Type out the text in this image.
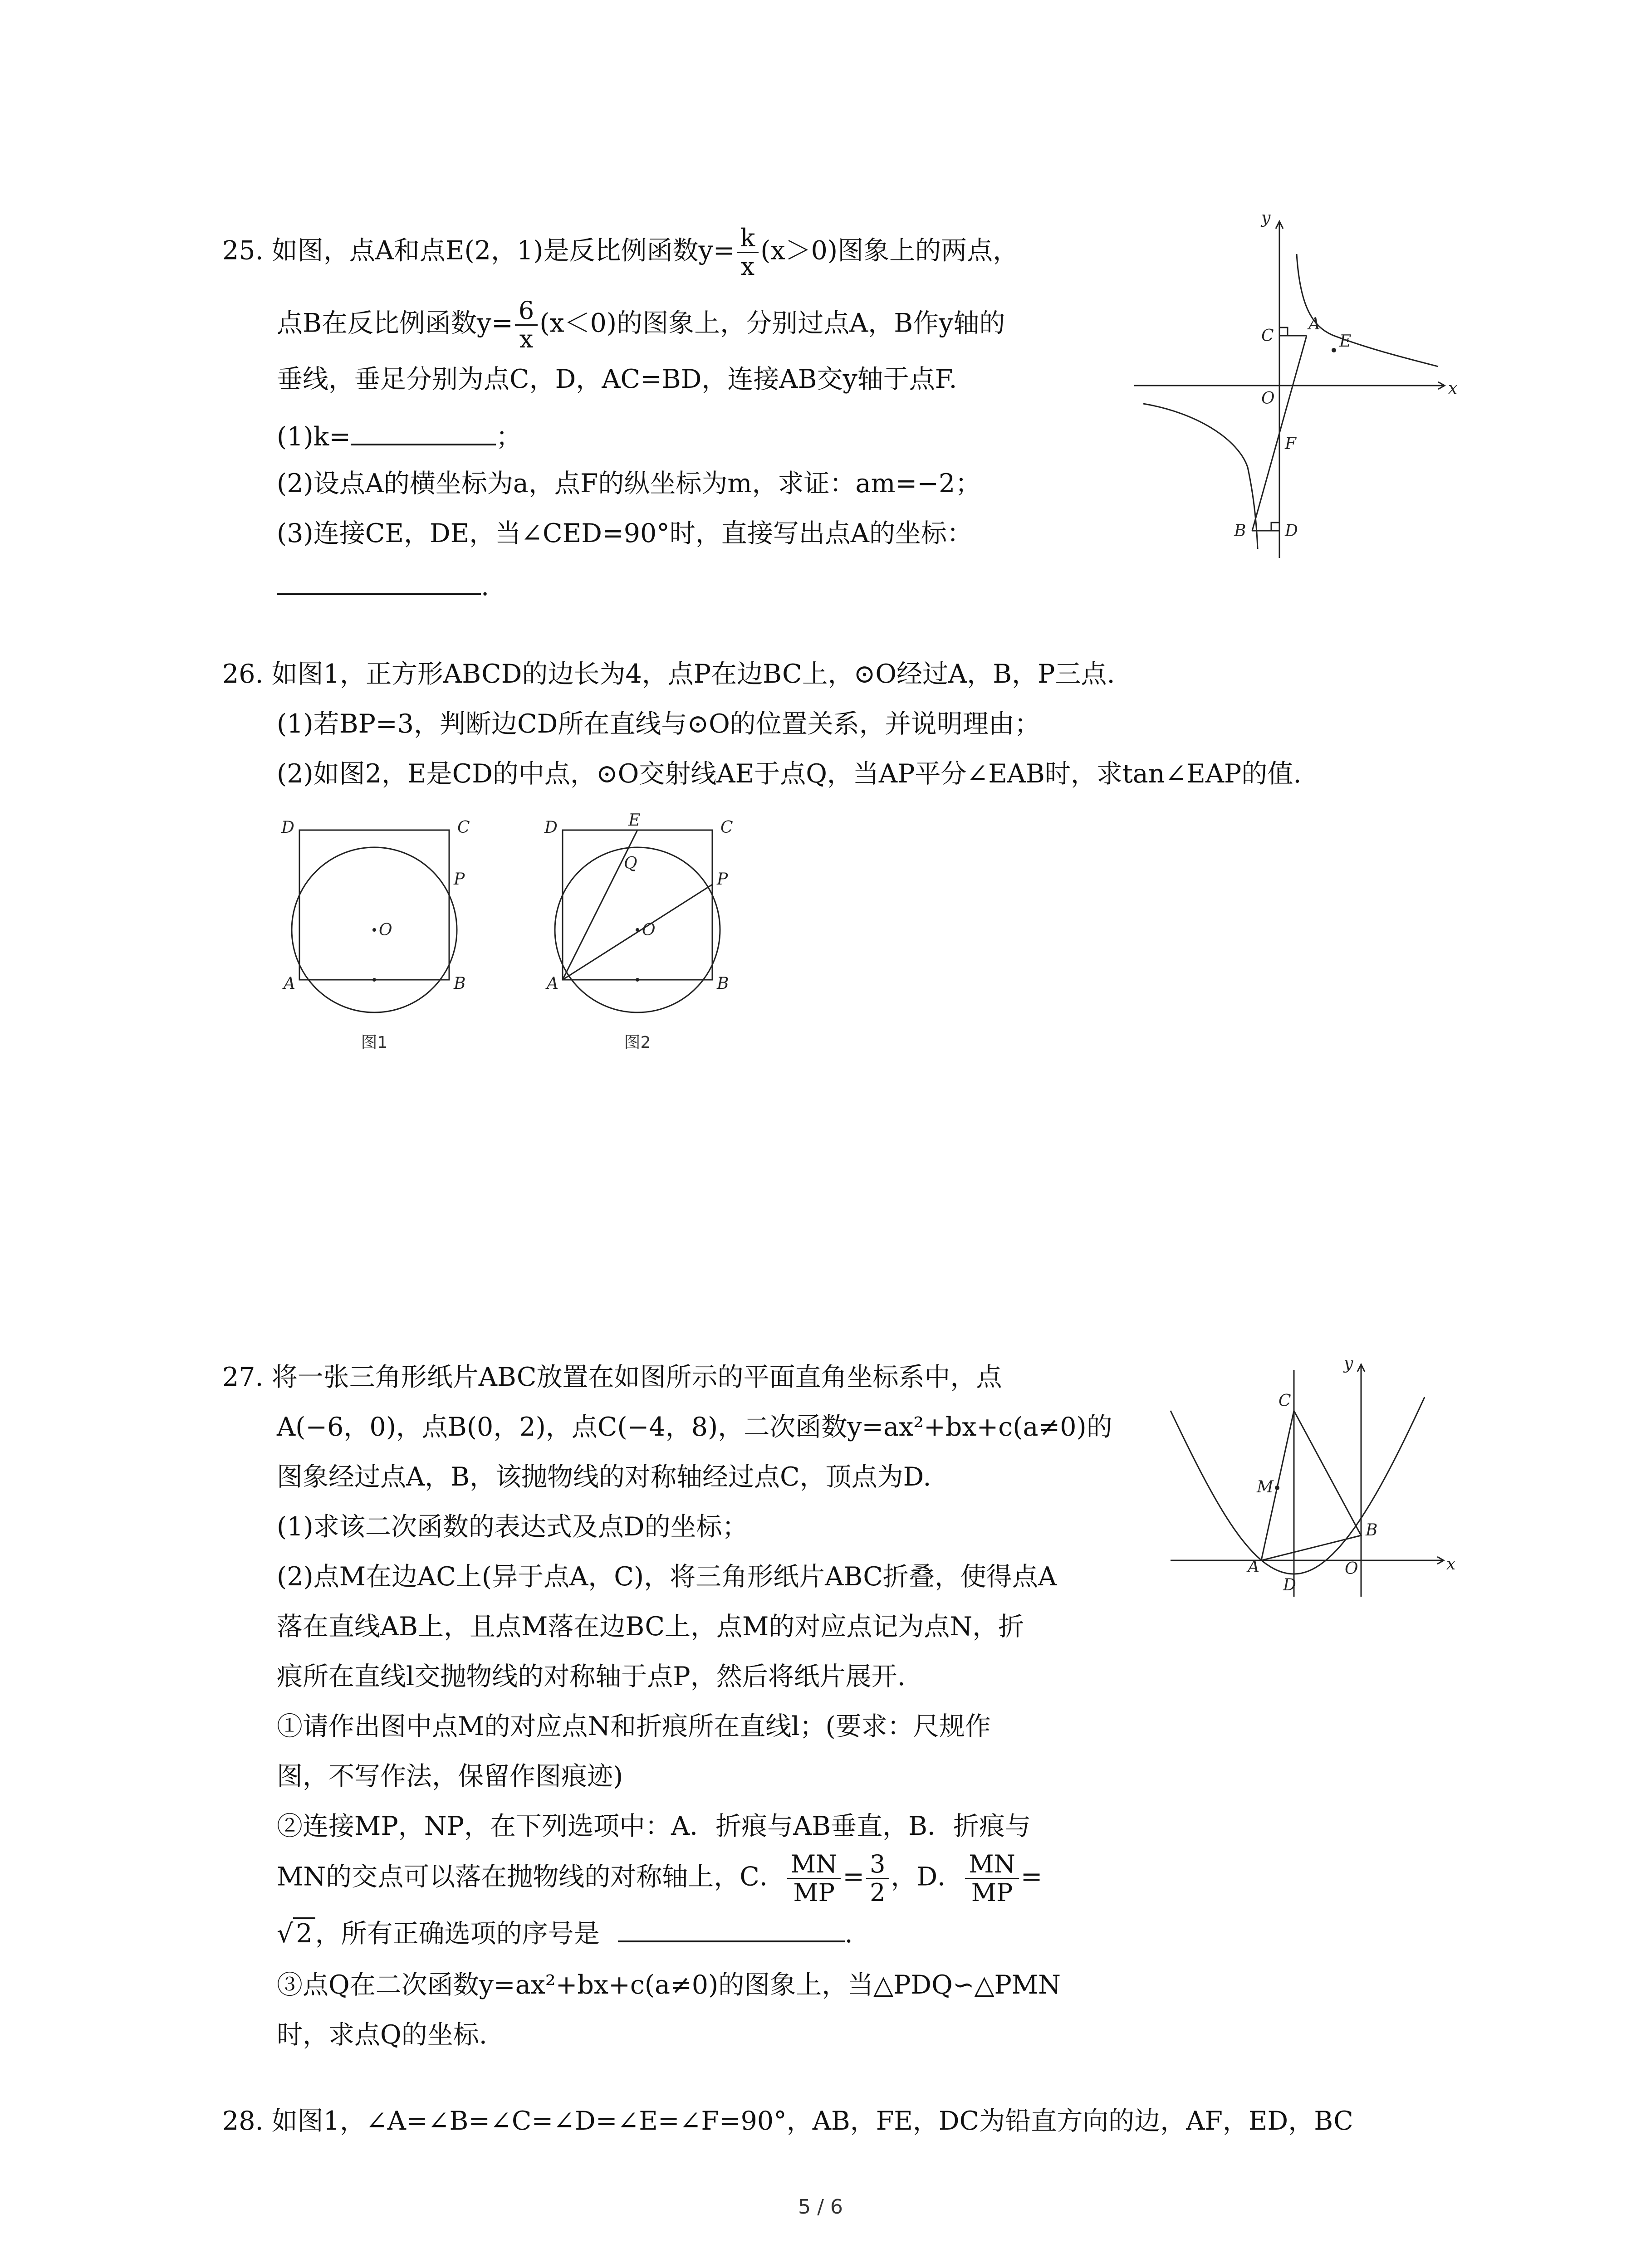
25. 如图，点A和点E(2，1)是反比例函数$y= \frac{k}{x} (x>0)$图象上的两点，
点B在反比例函数$y= \frac{6}{x} (x<0)$的图象上，分别过点A，B作y轴的
垂线，垂足分别为点C，D，AC=BD，连接AB交y轴于点F.
(1)k=	；
(2)设点A的横坐标为a，点F的纵坐标为m，求证：am=−2；
(3)连接CE，DE，当∠CED=90°时，直接写出点A的坐标：
.
y
x
O
C
A
E
F
B D
26. 如图1，正方形ABCD的边长为4，点P在边BC上，⊙O经过A，B，P三点.
(1)若BP=3，判断边CD所在直线与⊙O的位置关系，并说明理由；
(2)如图2，E是CD的中点，⊙O交射线AE于点Q，当AP平分∠EAB时，求tan∠EAP的值.
D	C
P
O
A	B
图1
D	E	C
Q
P
O
A	B
图2
27. 将一张三角形纸片ABC放置在如图所示的平面直角坐标系中，点
A(−6，0)，点B(0，2)，点C(−4，8)，二次函数y=ax²+bx+c(a≠0)的
图象经过点A，B，该抛物线的对称轴经过点C，顶点为D.
(1)求该二次函数的表达式及点D的坐标；
(2)点M在边AC上(异于点A，C)，将三角形纸片ABC折叠，使得点A
落在直线AB上，且点M落在边BC上，点M的对应点记为点N，折
痕所在直线l交抛物线的对称轴于点P，然后将纸片展开.
①请作出图中点M的对应点N和折痕所在直线l；(要求：尺规作
图，不写作法，保留作图痕迹)
②连接MP，NP，在下列选项中：A．折痕与AB垂直，B．折痕与
MN的交点可以落在抛物线的对称轴上，C． $\frac{MN}{MP} = \frac{3}{2}$ ，D． $\frac{MN}{MP}$ =
√ 2 ，所有正确选项的序号是	.
③点Q在二次函数y=ax²+bx+c(a≠0)的图象上，当△PDQ∽△PMN
时，求点Q的坐标.
y
x
C
M
B
A
D
O
28. 如图1，∠A=∠B=∠C=∠D=∠E=∠F=90°，AB，FE，DC为铅直方向的边，AF，ED，BC
5 / 6
